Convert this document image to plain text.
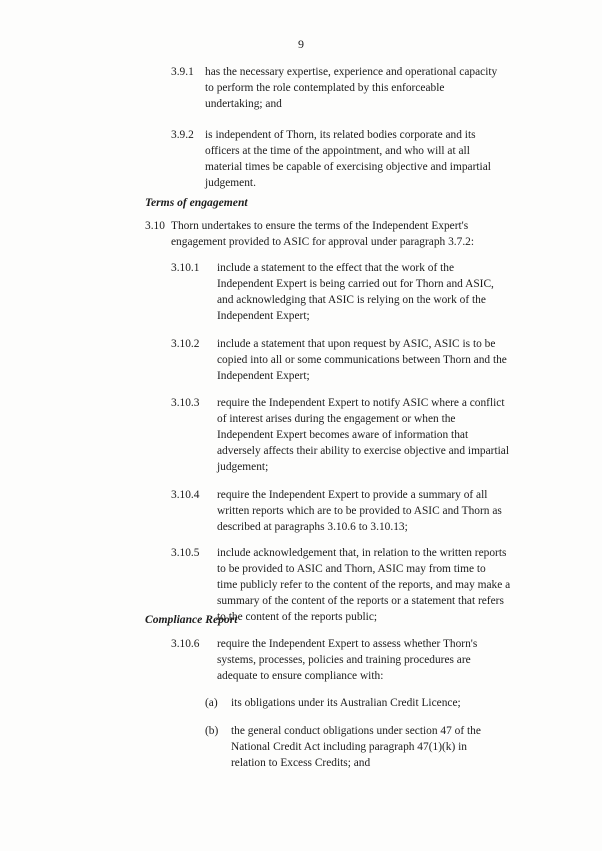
9
3.9.1 has the necessary expertise, experience and operational capacity
to perform the role contemplated by this enforceable
undertaking; and
3.9.2 is independent of Thorn, its related bodies corporate and its
officers at the time of the appointment, and who will at all
material times be capable of exercising objective and impartial
judgement.
Terms of engagement
3.10 Thorn undertakes to ensure the terms of the Independent Expert's
engagement provided to ASIC for approval under paragraph 3.7.2:
3.10.1 include a statement to the effect that the work of the
Independent Expert is being carried out for Thorn and ASIC,
and acknowledging that ASIC is relying on the work of the
Independent Expert;
3.10.2 include a statement that upon request by ASIC, ASIC is to be
copied into all or some communications between Thorn and the
Independent Expert;
3.10.3 require the Independent Expert to notify ASIC where a conflict
of interest arises during the engagement or when the
Independent Expert becomes aware of information that
adversely affects their ability to exercise objective and impartial
judgement;
3.10.4 require the Independent Expert to provide a summary of all
written reports which are to be provided to ASIC and Thorn as
described at paragraphs 3.10.6 to 3.10.13;
3.10.5 include acknowledgement that, in relation to the written reports
to be provided to ASIC and Thorn, ASIC may from time to
time publicly refer to the content of the reports, and may make a
summary of the content of the reports or a statement that refers
to the content of the reports public;
Compliance Report
3.10.6 require the Independent Expert to assess whether Thorn's
systems, processes, policies and training procedures are
adequate to ensure compliance with:
(a) its obligations under its Australian Credit Licence;
(b) the general conduct obligations under section 47 of the
National Credit Act including paragraph 47(1)(k) in
relation to Excess Credits; and
